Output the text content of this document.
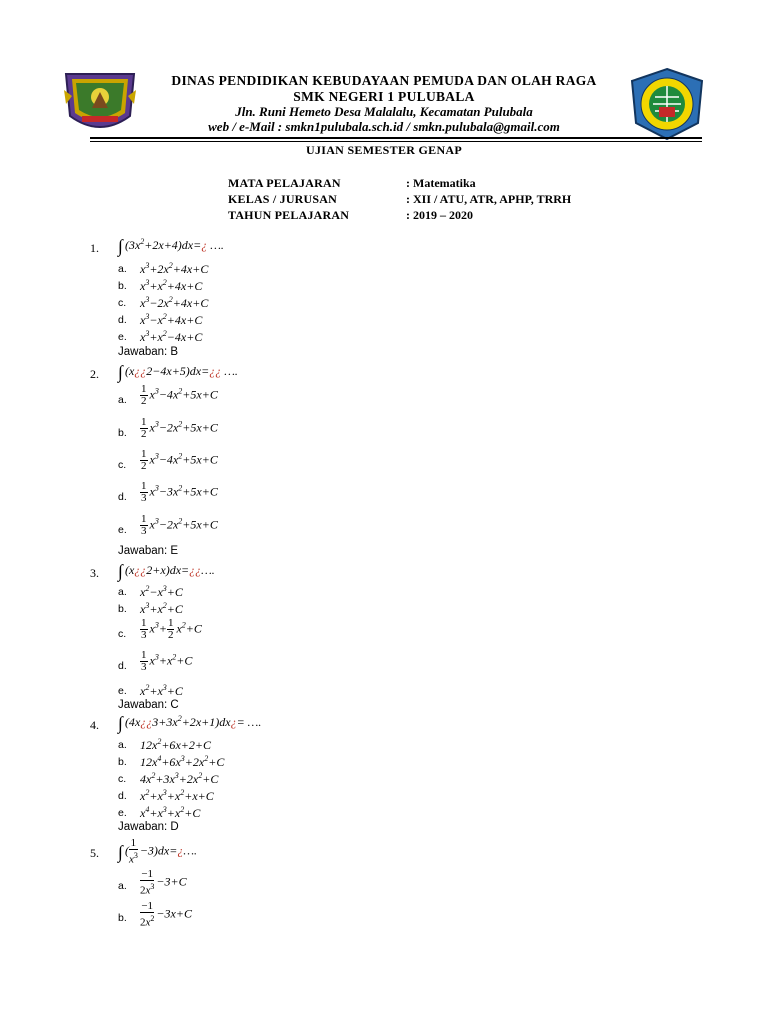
DINAS PENDIDIKAN KEBUDAYAAN PEMUDA DAN OLAH RAGA
SMK NEGERI 1 PULUBALA
Jln. Runi Hemeto Desa Malalalu, Kecamatan Pulubala
web / e-Mail : smkn1pulubala.sch.id / smkn.pulubala@gmail.com
UJIAN SEMESTER GENAP
MATA PELAJARAN	: Matematika
KELAS / JURUSAN	: XII / ATU, ATR, APHP, TRRH
TAHUN PELAJARAN	: 2019 – 2020
1. ∫ $(3x^2+2x+4)dx=¿$ ….
a. $x^3+2x^2+4x+C$
b. $x^3+x^2+4x+C$
c. $x^3-2x^2+4x+C$
d. $x^3-x^2+4x+C$
e. $x^3+x^2-4x+C$
Jawaban: B
2. ∫ (x¿¿2−4x+5)dx=¿¿ ….
a. $\frac{1}{2} x^3-4x^2+5x+C$
b. $\frac{1}{2} x^3-2x^2+5x+C$
c. $\frac{1}{2} x^3-4x^2+5x+C$
d. $\frac{1}{3} x^3-3x^2+5x+C$
e. $\frac{1}{3} x^3-2x^2+5x+C$
Jawaban: E
3. ∫ (x¿¿2+x)dx=¿¿….
a. $x^2-x^3+C$
b. $x^3+x^2+C$
c. $\frac{1}{3} x^3+ \frac{1}{2} x^2+C$
d. $\frac{1}{3} x^3+x^2+C$
e. $x^2+x^3+C$
Jawaban: C
4. ∫ $(4x¿¿3+3x^2+2x+1)dx¿=$ ….
a. $12x^2+6x+2+C$
b. $12x^4+6x^3+2x^2+C$
c. $4x^2+3x^3+2x^2+C$
d. $x^2+x^3+x^2+x+C$
e. $x^4+x^3+x^2+C$
Jawaban: D
5. ∫ ( $\frac{1}{x^3}$ −3)dx=¿….
a. $\frac{-1}{2x^3} -3+C$
b. $\frac{-1}{2x^2} -3x+C$
